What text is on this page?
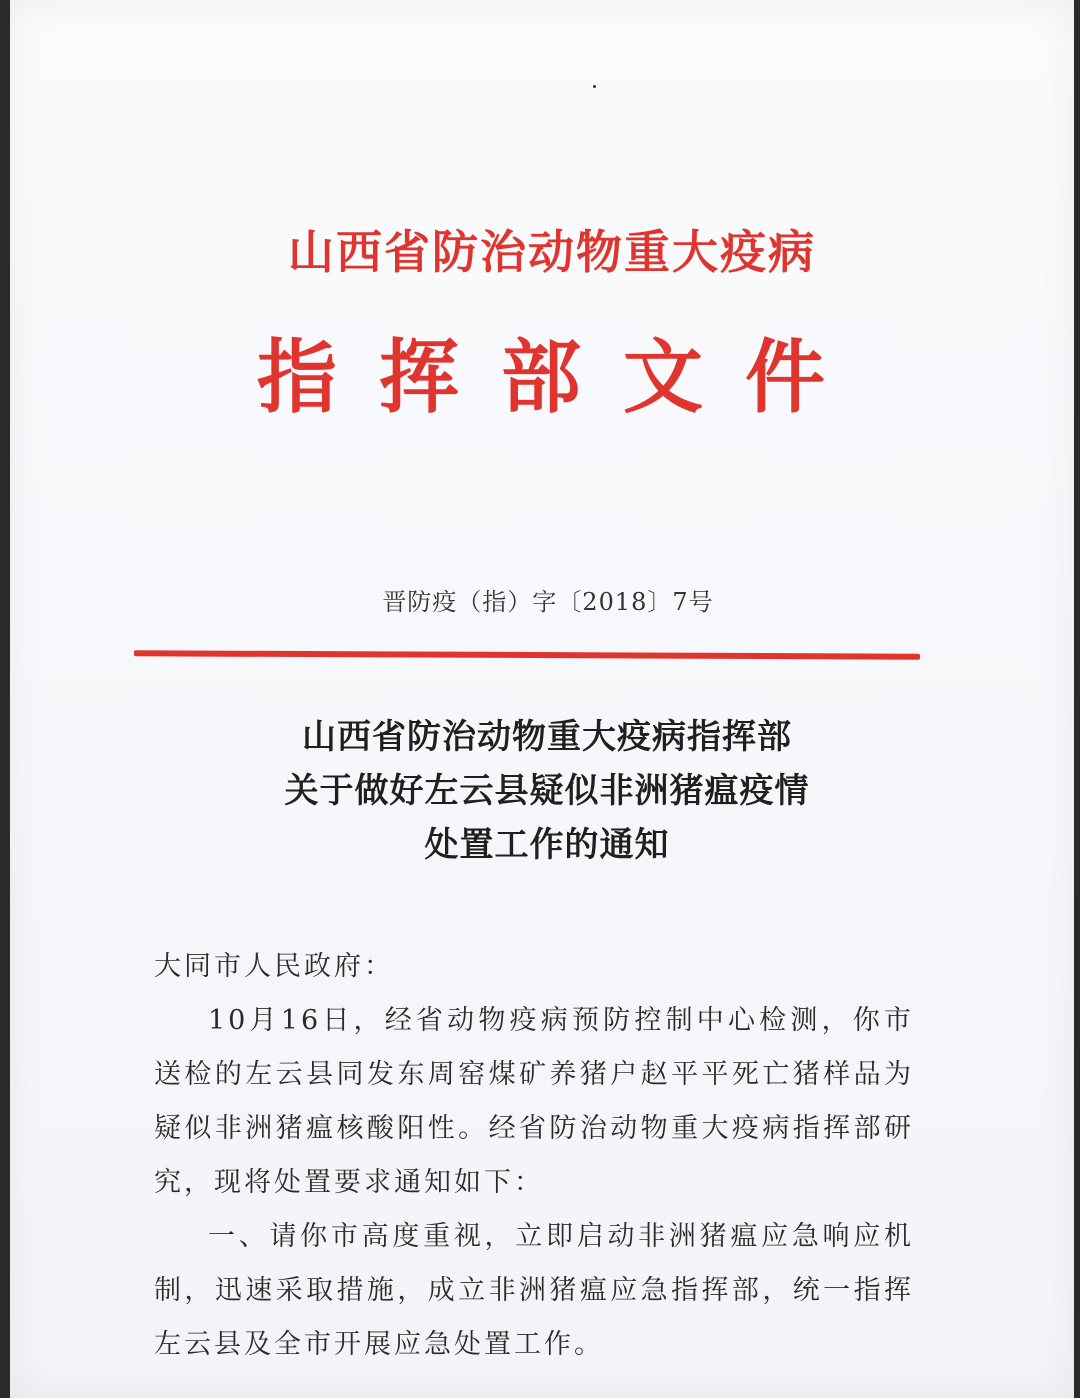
山西省防治动物重大疫病
指挥部文件
晋防疫（指）字〔2018〕7号
山西省防治动物重大疫病指挥部
关于做好左云县疑似非洲猪瘟疫情
处置工作的通知

大同市人民政府：

10月16日，经省动物疫病预防控制中心检测，你市送检的左云县同发东周窑煤矿养猪户赵平平死亡猪样品为疑似非洲猪瘟核酸阳性。经省防治动物重大疫病指挥部研究，现将处置要求通知如下：

一、请你市高度重视，立即启动非洲猪瘟应急响应机制，迅速采取措施，成立非洲猪瘟应急指挥部，统一指挥左云县及全市开展应急处置工作。
